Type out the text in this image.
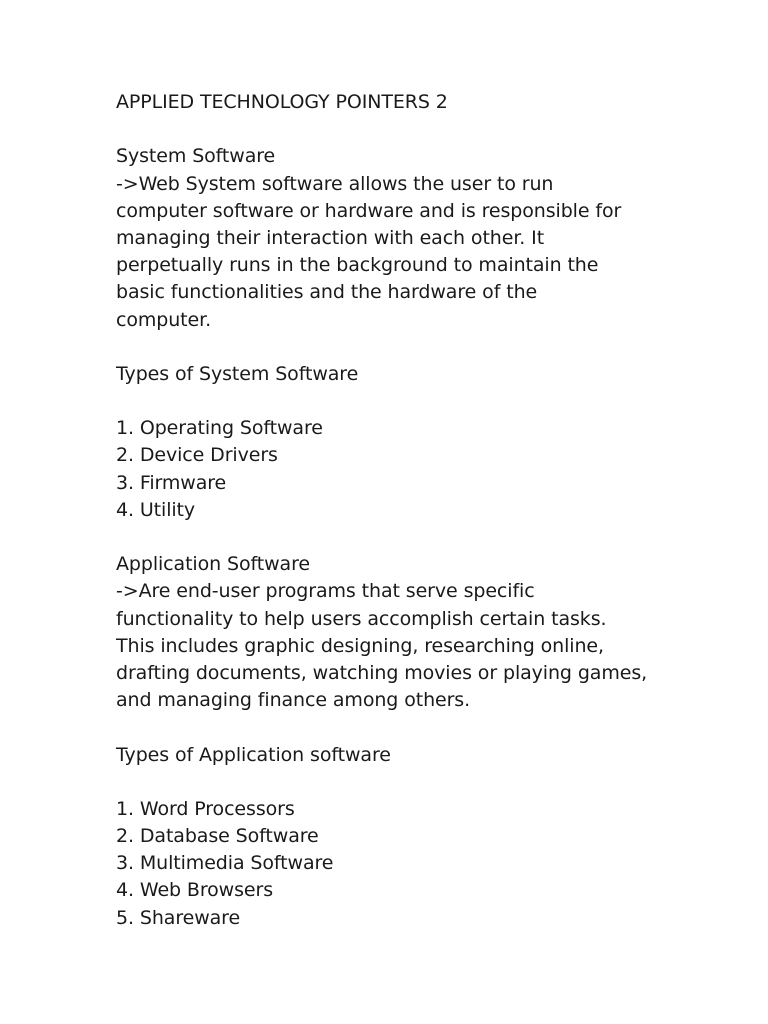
APPLIED TECHNOLOGY POINTERS 2
System Software
->Web System software allows the user to run
computer software or hardware and is responsible for
managing their interaction with each other. It
perpetually runs in the background to maintain the
basic functionalities and the hardware of the
computer.
Types of System Software
1. Operating Software
2. Device Drivers
3. Firmware
4. Utility
Application Software
->Are end-user programs that serve specific
functionality to help users accomplish certain tasks.
This includes graphic designing, researching online,
drafting documents, watching movies or playing games,
and managing finance among others.
Types of Application software
1. Word Processors
2. Database Software
3. Multimedia Software
4. Web Browsers
5. Shareware
